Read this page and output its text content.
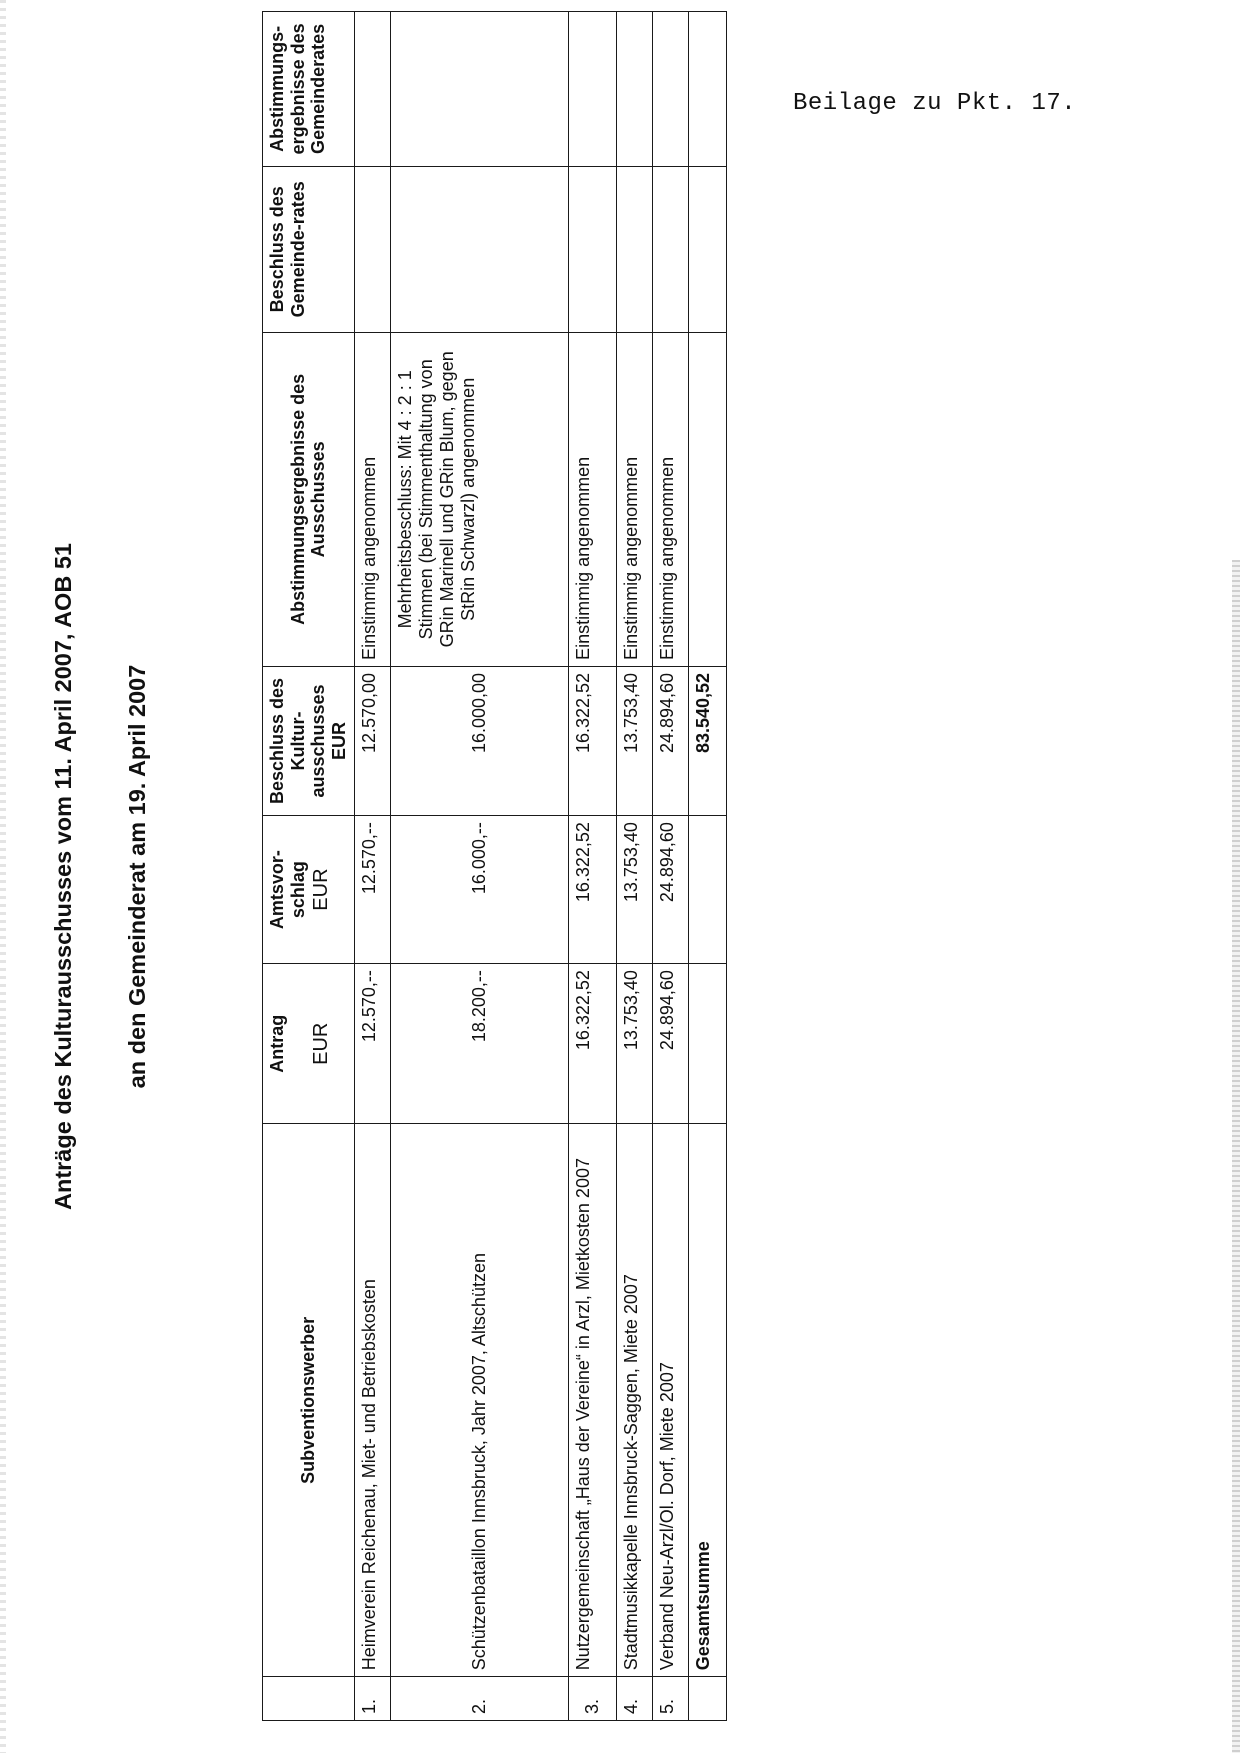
Beilage zu Pkt. 17.
Anträge des Kulturausschusses vom 11. April 2007, AOB 51 an den Gemeinderat am 19. April 2007
	Subventionswerber	Antrag EUR	Amtsvor-schlag EUR	Beschluss des Kultur-ausschusses EUR	Abstimmungsergebnisse des Ausschusses	Beschluss des Gemeinde-rates	Abstimmungs-ergebnisse des Gemeinderates
1.	Heimverein Reichenau, Miet- und Betriebskosten	12.570,--	12.570,--	12.570,00	Einstimmig angenommen		
2.	Schützenbataillon Innsbruck, Jahr 2007, Altschützen	18.200,--	16.000,--	16.000,00	Mehrheitsbeschluss: Mit 4 : 2 : 1 Stimmen (bei Stimmenthaltung von GRin Marinell und GRin Blum, gegen StRin Schwarzl) angenommen		
3.	Nutzergemeinschaft „Haus der Vereine“ in Arzl, Mietkosten 2007	16.322,52	16.322,52	16.322,52	Einstimmig angenommen		
4.	Stadtmusikkapelle Innsbruck-Saggen, Miete 2007	13.753,40	13.753,40	13.753,40	Einstimmig angenommen		
5.	Verband Neu-Arzl/Ol. Dorf, Miete 2007	24.894,60	24.894,60	24.894,60	Einstimmig angenommen		
	Gesamtsumme			83.540,52			
